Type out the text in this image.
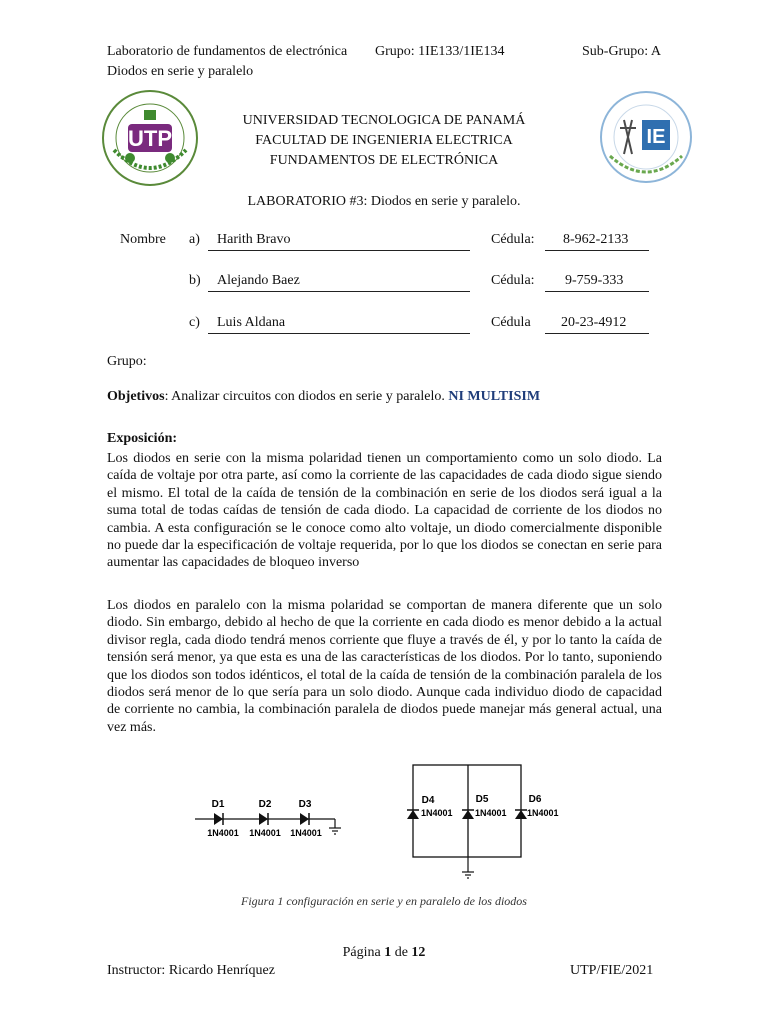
Laboratorio de fundamentos de electrónica Grupo: 1IE133/1IE134	Sub-Grupo: A
Diodos en serie y paralelo
UTP	IE
UNIVERSIDAD TECNOLOGICA DE PANAMÁ
FACULTAD DE INGENIERIA ELECTRICA
FUNDAMENTOS DE ELECTRÓNICA
LABORATORIO #3: Diodos en serie y paralelo.
Nombre a) Harith Bravo	Cédula: 8-962-2133
b) Alejando Baez	Cédula: 9-759-333
c) Luis Aldana	Cédula 20-23-4912
Grupo:
Objetivos: Analizar circuitos con diodos en serie y paralelo. NI MULTISIM
Exposición:
Los diodos en serie con la misma polaridad tienen un comportamiento como un solo diodo. La caída de voltaje por otra parte, así como la corriente de las capacidades de cada diodo sigue siendo el mismo. El total de la caída de tensión de la combinación en serie de los diodos será igual a la suma total de todas caídas de tensión de cada diodo. La capacidad de corriente de los diodos no cambia. A esta configuración se le conoce como alto voltaje, un diodo comercialmente disponible no puede dar la especificación de voltaje requerida, por lo que los diodos se conectan en serie para aumentar las capacidades de bloqueo inverso
Los diodos en paralelo con la misma polaridad se comportan de manera diferente que un solo diodo. Sin embargo, debido al hecho de que la corriente en cada diodo es menor debido a la actual divisor regla, cada diodo tendrá menos corriente que fluye a través de él, y por lo tanto la caída de tensión será menor, ya que esta es una de las características de los diodos. Por lo tanto, suponiendo que los diodos son todos idénticos, el total de la caída de tensión de la combinación paralela de los diodos será menor de lo que sería para un solo diodo. Aunque cada individuo diodo de capacidad de corriente no cambia, la combinación paralela de diodos puede manejar más general actual, una vez más.
D1	D2	D3
1N4001 1N4001 1N4001
D4	D5	D6
1N4001 1N4001 1N4001
Figura 1 configuración en serie y en paralelo de los diodos
Página 1 de 12
Instructor: Ricardo Henríquez	UTP/FIE/2021
